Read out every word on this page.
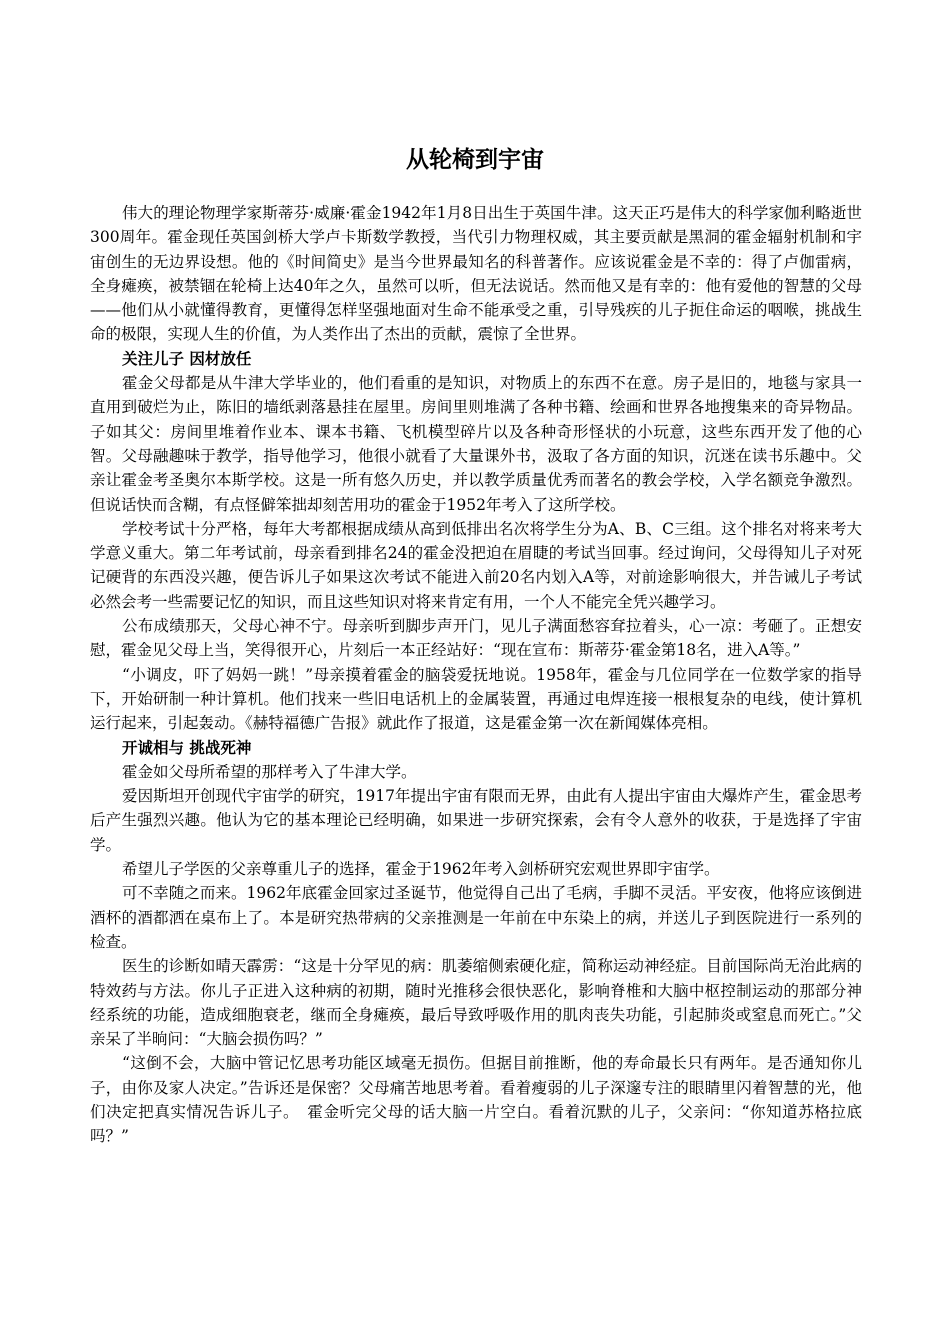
从轮椅到宇宙

伟大的理论物理学家斯蒂芬·威廉·霍金1942年1月8日出生于英国牛津。这天正巧是伟大的科学家伽利略逝世300周年。霍金现任英国剑桥大学卢卡斯数学教授，当代引力物理权威，其主要贡献是黑洞的霍金辐射机制和宇宙创生的无边界设想。他的《时间简史》是当今世界最知名的科普著作。应该说霍金是不幸的：得了卢伽雷病，全身瘫痪，被禁锢在轮椅上达40年之久，虽然可以听，但无法说话。然而他又是有幸的：他有爱他的智慧的父母——他们从小就懂得教育，更懂得怎样坚强地面对生命不能承受之重，引导残疾的儿子扼住命运的咽喉，挑战生命的极限，实现人生的价值，为人类作出了杰出的贡献，震惊了全世界。

关注儿子 因材放任

霍金父母都是从牛津大学毕业的，他们看重的是知识，对物质上的东西不在意。房子是旧的，地毯与家具一直用到破烂为止，陈旧的墙纸剥落悬挂在屋里。房间里则堆满了各种书籍、绘画和世界各地搜集来的奇异物品。子如其父：房间里堆着作业本、课本书籍、飞机模型碎片以及各种奇形怪状的小玩意，这些东西开发了他的心智。父母融趣味于教学，指导他学习，他很小就看了大量课外书，汲取了各方面的知识，沉迷在读书乐趣中。父亲让霍金考圣奥尔本斯学校。这是一所有悠久历史，并以教学质量优秀而著名的教会学校，入学名额竞争激烈。但说话快而含糊，有点怪僻笨拙却刻苦用功的霍金于1952年考入了这所学校。

学校考试十分严格，每年大考都根据成绩从高到低排出名次将学生分为A、B、C三组。这个排名对将来考大学意义重大。第二年考试前，母亲看到排名24的霍金没把迫在眉睫的考试当回事。经过询问，父母得知儿子对死记硬背的东西没兴趣，便告诉儿子如果这次考试不能进入前20名内划入A等，对前途影响很大，并告诫儿子考试必然会考一些需要记忆的知识，而且这些知识对将来肯定有用，一个人不能完全凭兴趣学习。

公布成绩那天，父母心神不宁。母亲听到脚步声开门，见儿子满面愁容耷拉着头，心一凉：考砸了。正想安慰，霍金见父母上当，笑得很开心，片刻后一本正经站好：“现在宣布：斯蒂芬·霍金第18名，进入A等。”

“小调皮，吓了妈妈一跳！”母亲摸着霍金的脑袋爱抚地说。1958年，霍金与几位同学在一位数学家的指导下，开始研制一种计算机。他们找来一些旧电话机上的金属装置，再通过电焊连接一根根复杂的电线，使计算机运行起来，引起轰动。《赫特福德广告报》就此作了报道，这是霍金第一次在新闻媒体亮相。

开诚相与 挑战死神

霍金如父母所希望的那样考入了牛津大学。

爱因斯坦开创现代宇宙学的研究，1917年提出宇宙有限而无界，由此有人提出宇宙由大爆炸产生，霍金思考后产生强烈兴趣。他认为它的基本理论已经明确，如果进一步研究探索，会有令人意外的收获，于是选择了宇宙学。

希望儿子学医的父亲尊重儿子的选择，霍金于1962年考入剑桥研究宏观世界即宇宙学。

可不幸随之而来。1962年底霍金回家过圣诞节，他觉得自己出了毛病，手脚不灵活。平安夜，他将应该倒进酒杯的酒都洒在桌布上了。本是研究热带病的父亲推测是一年前在中东染上的病，并送儿子到医院进行一系列的检查。

医生的诊断如晴天霹雳：“这是十分罕见的病：肌萎缩侧索硬化症，简称运动神经症。目前国际尚无治此病的特效药与方法。你儿子正进入这种病的初期，随时光推移会很快恶化，影响脊椎和大脑中枢控制运动的那部分神经系统的功能，造成细胞衰老，继而全身瘫痪，最后导致呼吸作用的肌肉丧失功能，引起肺炎或窒息而死亡。”父亲呆了半晌问：“大脑会损伤吗？”

“这倒不会，大脑中管记忆思考功能区域毫无损伤。但据目前推断，他的寿命最长只有两年。是否通知你儿子，由你及家人决定。”告诉还是保密？父母痛苦地思考着。看着瘦弱的儿子深邃专注的眼睛里闪着智慧的光，他们决定把真实情况告诉儿子。　霍金听完父母的话大脑一片空白。看着沉默的儿子，父亲问：“你知道苏格拉底吗？”
